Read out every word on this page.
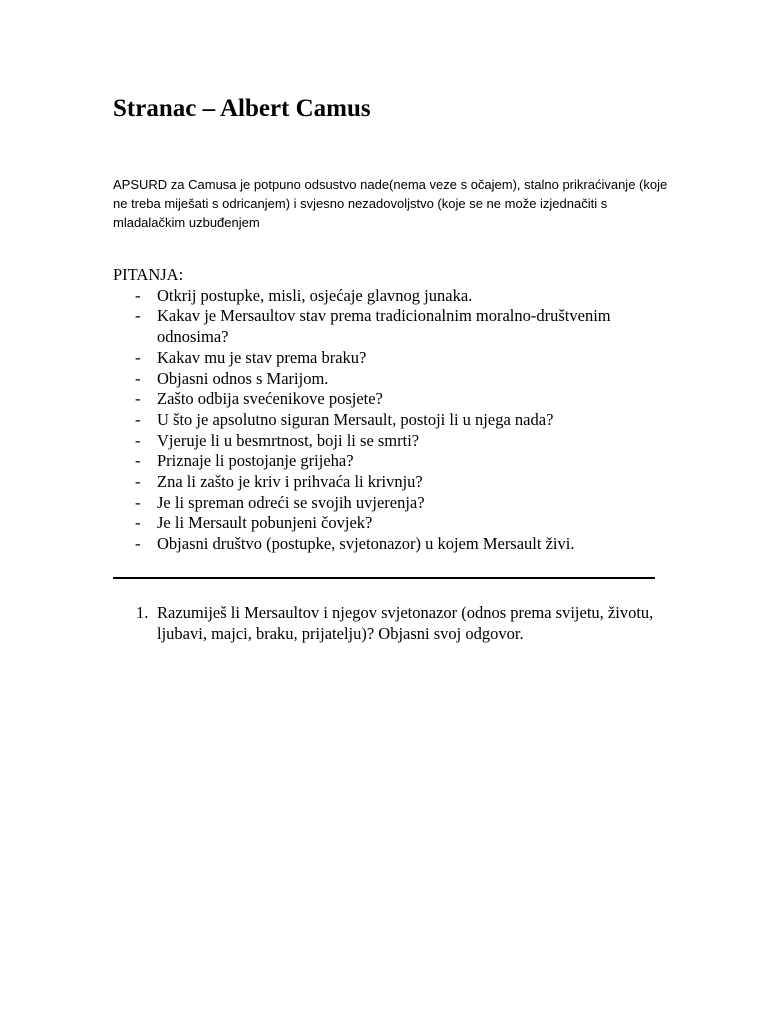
Stranac – Albert Camus

APSURD za Camusa je potpuno odsustvo nade(nema veze s očajem), stalno prikraćivanje (koje ne treba miješati s odricanjem) i svjesno nezadovoljstvo (koje se ne može izjednačiti s mladalačkim uzbuđenjem

PITANJA:

- Otkrij postupke, misli, osjećaje glavnog junaka.
- Kakav je Mersaultov stav prema tradicionalnim moralno-društvenim odnosima?
- Kakav mu je stav prema braku?
- Objasni odnos s Marijom.
- Zašto odbija svećenikove posjete?
- U što je apsolutno siguran Mersault, postoji li u njega nada?
- Vjeruje li u besmrtnost, boji li se smrti?
- Priznaje li postojanje grijeha?
- Zna li zašto je kriv i prihvaća li krivnju?
- Je li spreman odreći se svojih uvjerenja?
- Je li Mersault pobunjeni čovjek?
- Objasni društvo (postupke, svjetonazor) u kojem Mersault živi.
1. Razumiješ li Mersaultov i njegov svjetonazor (odnos prema svijetu, životu, ljubavi, majci, braku, prijatelju)? Objasni svoj odgovor.
